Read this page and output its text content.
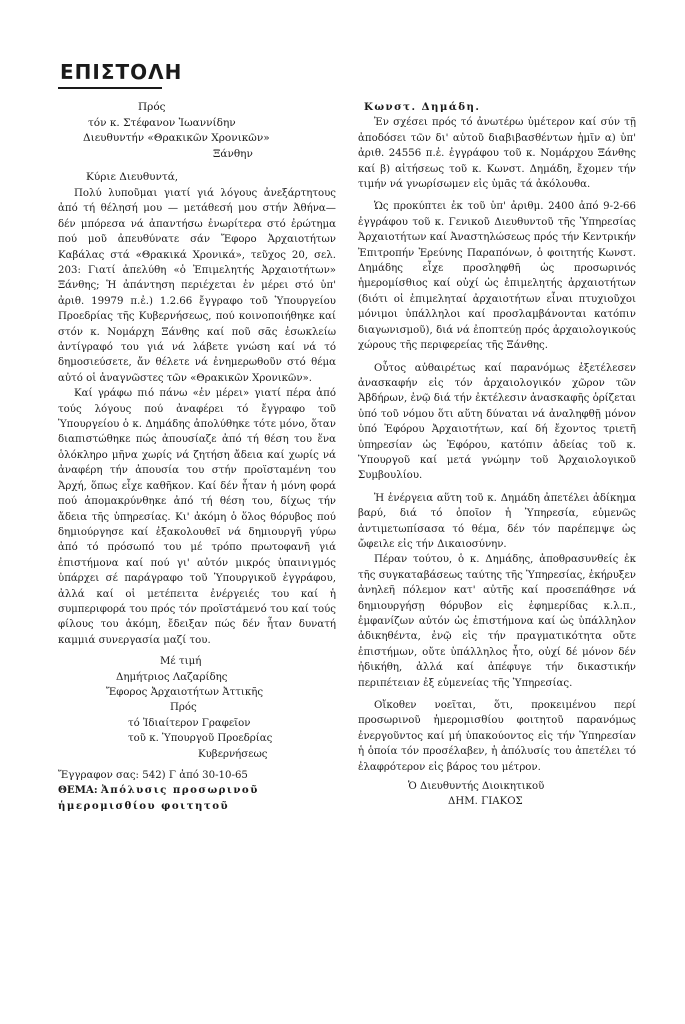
ΕΠΙΣΤΟΛΗ
Πρός
τόν κ. Στέφανον Ἰωαννίδην
Διευθυντήν «Θρακικῶν Χρονικῶν»
Ξάνθην
Κύριε Διευθυντά,

Πολύ λυποῦμαι γιατί γιά λόγους ἀνεξάρτητους ἀπό τή θέλησή μου — μετάθεσή μου στήν Ἀθήνα— δέν μπόρεσα νά ἀπαντήσω ἐνωρίτερα στό ἐρώτημα πού μοῦ ἀπευθύνατε σάν Ἔφορο Ἀρχαιοτήτων Καβάλας στά «Θρακικά Χρονικά», τεῦχος 20, σελ. 203: Γιατί ἀπελύθη «ὁ Ἐπιμελητής Ἀρχαιοτήτων» Ξάνθης; Ἡ ἀπάντηση περιέχεται ἐν μέρει στό ὑπ' ἀριθ. 19979 π.ἐ.) 1.2.66 ἔγγραφο τοῦ Ὑπουργείου Προεδρίας τῆς Κυβερνήσεως, πού κοινοποιήθηκε καί στόν κ. Νομάρχη Ξάνθης καί ποῦ σᾶς ἐσωκλείω ἀντίγραφό του γιά νά λάβετε γνώση καί νά τό δημοσιεύσετε, ἄν θέλετε νά ἐνημερωθοῦν στό θέμα αὐτό οἱ ἀναγνῶστες τῶν «Θρακικῶν Χρονικῶν».

Καί γράφω πιό πάνω «ἐν μέρει» γιατί πέρα ἀπό τούς λόγους πού ἀναφέρει τό ἔγγραφο τοῦ Ὑπουργείου ὁ κ. Δημάδης ἀπολύθηκε τότε μόνο, ὅταν διαπιστώθηκε πώς ἀπουσίαζε ἀπό τή θέση του ἕνα ὁλόκληρο μῆνα χωρίς νά ζητήση ἄδεια καί χωρίς νά ἀναφέρη τήν ἀπουσία του στήν προϊσταμένη του Ἀρχή, ὅπως εἶχε καθῆκον. Καί δέν ἦταν ἡ μόνη φορά πού ἀπομακρύνθηκε ἀπό τή θέση του, δίχως τήν ἄδεια τῆς ὑπηρεσίας. Κι' ἀκόμη ὁ ὅλος θόρυβος πού δημιούργησε καί ἐξακολουθεῖ νά δημιουργῆ γύρω ἀπό τό πρόσωπό του μέ τρόπο πρωτοφανῆ γιά ἐπιστήμονα καί πού γι' αὐτόν μικρός ὑπαινιγμός ὑπάρχει σέ παράγραφο τοῦ Ὑπουργικοῦ ἐγγράφου, ἀλλά καί οἱ μετέπειτα ἐνέργειές του καί ἡ συμπεριφορά του πρός τόν προϊστάμενό του καί τούς φίλους του ἀκόμη, ἔδειξαν πώς δέν ἦταν δυνατή καμμιά συνεργασία μαζί του.

Μέ τιμή
Δημήτριος Λαζαρίδης
Ἔφορος Ἀρχαιοτήτων Ἀττικῆς
Πρός
τό Ἰδιαίτερον Γραφεῖον
τοῦ κ. Ὑπουργοῦ Προεδρίας
Κυβερνήσεως
Ἔγγραφον σας: 542) Γ ἀπό 30-10-65
ΘΕΜΑ: Ἀπόλυσις προσωρινοῦ
ἡμερομισθίου φοιτητοῦ
Κωνστ. Δημάδη.

Ἐν σχέσει πρός τό ἀνωτέρω ὑμέτερον καί σύν τῇ ἀποδόσει τῶν δι' αὐτοῦ διαβιβασθέντων ἡμῖν α) ὑπ' ἀριθ. 24556 π.ἐ. ἐγγράφου τοῦ κ. Νομάρχου Ξάνθης καί β) αἰτήσεως τοῦ κ. Κωνστ. Δημάδη, ἔχομεν τήν τιμήν νά γνωρίσωμεν εἰς ὑμᾶς τά ἀκόλουθα.

Ὡς προκύπτει ἐκ τοῦ ὑπ' ἀριθμ. 2400 ἀπό 9-2-66 ἐγγράφου τοῦ κ. Γενικοῦ Διευθυντοῦ τῆς Ὑπηρεσίας Ἀρχαιοτήτων καί Ἀναστηλώσεως πρός τήν Κεντρικήν Ἐπιτροπήν Ἐρεύνης Παραπόνων, ὁ φοιτητής Κωνστ. Δημάδης εἶχε προσληφθῆ ὡς προσωρινός ἡμερομίσθιος καί οὐχί ὡς ἐπιμελητής ἀρχαιοτήτων (διότι οἱ ἐπιμεληταί ἀρχαιοτήτων εἶναι πτυχιοῦχοι μόνιμοι ὑπάλληλοι καί προσλαμβάνονται κατόπιν διαγωνισμοῦ), διά νά ἐποπτεύῃ πρός ἀρχαιολογικούς χώρους τῆς περιφερείας τῆς Ξάνθης.

Οὗτος αὐθαιρέτως καί παρανόμως ἐξετέλεσεν ἀνασκαφήν εἰς τόν ἀρχαιολογικόν χῶρον τῶν Ἀβδήρων, ἐνῷ διά τήν ἐκτέλεσιν ἀνασκαφῆς ὁρίζεται ὑπό τοῦ νόμου ὅτι αὕτη δύναται νά ἀναληφθῇ μόνον ὑπό Ἐφόρου Ἀρχαιοτήτων, καί δή ἔχοντος τριετῆ ὑπηρεσίαν ὡς Ἐφόρου, κατόπιν ἀδείας τοῦ κ. Ὑπουργοῦ καί μετά γνώμην τοῦ Ἀρχαιολογικοῦ Συμβουλίου.

Ἡ ἐνέργεια αὕτη τοῦ κ. Δημάδη ἀπετέλει ἀδίκημα βαρύ, διά τό ὁποῖον ἡ Ὑπηρεσία, εὐμενῶς ἀντιμετωπίσασα τό θέμα, δέν τόν παρέπεμψε ὡς ὤφειλε εἰς τήν Δικαιοσύνην.

Πέραν τούτου, ὁ κ. Δημάδης, ἀποθρασυνθείς ἐκ τῆς συγκαταβάσεως ταύτης τῆς Ὑπηρεσίας, ἐκήρυξεν ἀνηλεῆ πόλεμον κατ' αὐτῆς καί προσεπάθησε νά δημιουργήσῃ θόρυβον εἰς ἐφημερίδας κ.λ.π., ἐμφανίζων αὐτόν ὡς ἐπιστήμονα καί ὡς ὑπάλληλον ἀδικηθέντα, ἐνῷ εἰς τήν πραγματικότητα οὔτε ἐπιστήμων, οὔτε ὑπάλληλος ἦτο, οὐχί δέ μόνον δέν ἠδικήθη, ἀλλά καί ἀπέφυγε τήν δικαστικήν περιπέτειαν ἐξ εὐμενείας τῆς Ὑπηρεσίας.

Οἴκοθεν νοεῖται, ὅτι, προκειμένου περί προσωρινοῦ ἡμερομισθίου φοιτητοῦ παρανόμως ἐνεργοῦντος καί μή ὑπακούοντος εἰς τήν Ὑπηρεσίαν ἡ ὁποία τόν προσέλαβεν, ἡ ἀπόλυσίς του ἀπετέλει τό ἐλαφρότερον εἰς βάρος του μέτρον.

Ὁ Διευθυντής Διοικητικοῦ
ΔΗΜ. ΓΙΑΚΟΣ
